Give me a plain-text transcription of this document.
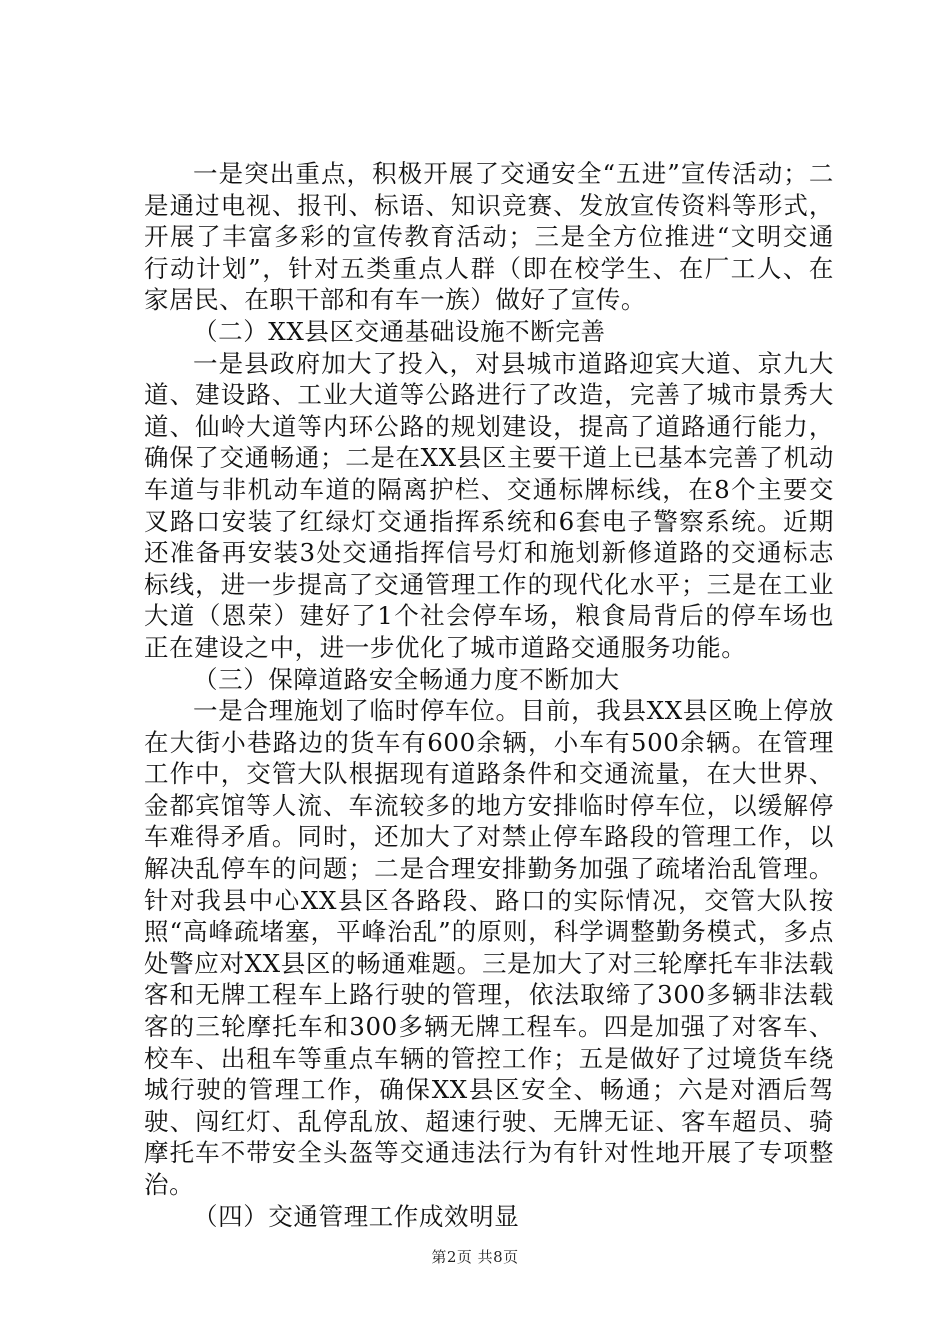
一是突出重点，积极开展了交通安全“五进”宣传活动；二是通过电视、报刊、标语、知识竞赛、发放宣传资料等形式，开展了丰富多彩的宣传教育活动；三是全方位推进“文明交通行动计划”，针对五类重点人群（即在校学生、在厂工人、在家居民、在职干部和有车一族）做好了宣传。

（二）XX县区交通基础设施不断完善

一是县政府加大了投入，对县城市道路迎宾大道、京九大道、建设路、工业大道等公路进行了改造，完善了城市景秀大道、仙岭大道等内环公路的规划建设，提高了道路通行能力，确保了交通畅通；二是在XX县区主要干道上已基本完善了机动车道与非机动车道的隔离护栏、交通标牌标线，在8个主要交叉路口安装了红绿灯交通指挥系统和6套电子警察系统。近期还准备再安装3处交通指挥信号灯和施划新修道路的交通标志标线，进一步提高了交通管理工作的现代化水平；三是在工业大道（恩荣）建好了1个社会停车场，粮食局背后的停车场也正在建设之中，进一步优化了城市道路交通服务功能。

（三）保障道路安全畅通力度不断加大

一是合理施划了临时停车位。目前，我县XX县区晚上停放在大街小巷路边的货车有600余辆，小车有500余辆。在管理工作中，交管大队根据现有道路条件和交通流量，在大世界、金都宾馆等人流、车流较多的地方安排临时停车位，以缓解停车难得矛盾。同时，还加大了对禁止停车路段的管理工作，以解决乱停车的问题；二是合理安排勤务加强了疏堵治乱管理。针对我县中心XX县区各路段、路口的实际情况，交管大队按照“高峰疏堵塞，平峰治乱”的原则，科学调整勤务模式，多点处警应对XX县区的畅通难题。三是加大了对三轮摩托车非法载客和无牌工程车上路行驶的管理，依法取缔了300多辆非法载客的三轮摩托车和300多辆无牌工程车。四是加强了对客车、校车、出租车等重点车辆的管控工作；五是做好了过境货车绕城行驶的管理工作，确保XX县区安全、畅通；六是对酒后驾驶、闯红灯、乱停乱放、超速行驶、无牌无证、客车超员、骑摩托车不带安全头盔等交通违法行为有针对性地开展了专项整治。

（四）交通管理工作成效明显

第2页 共8页
